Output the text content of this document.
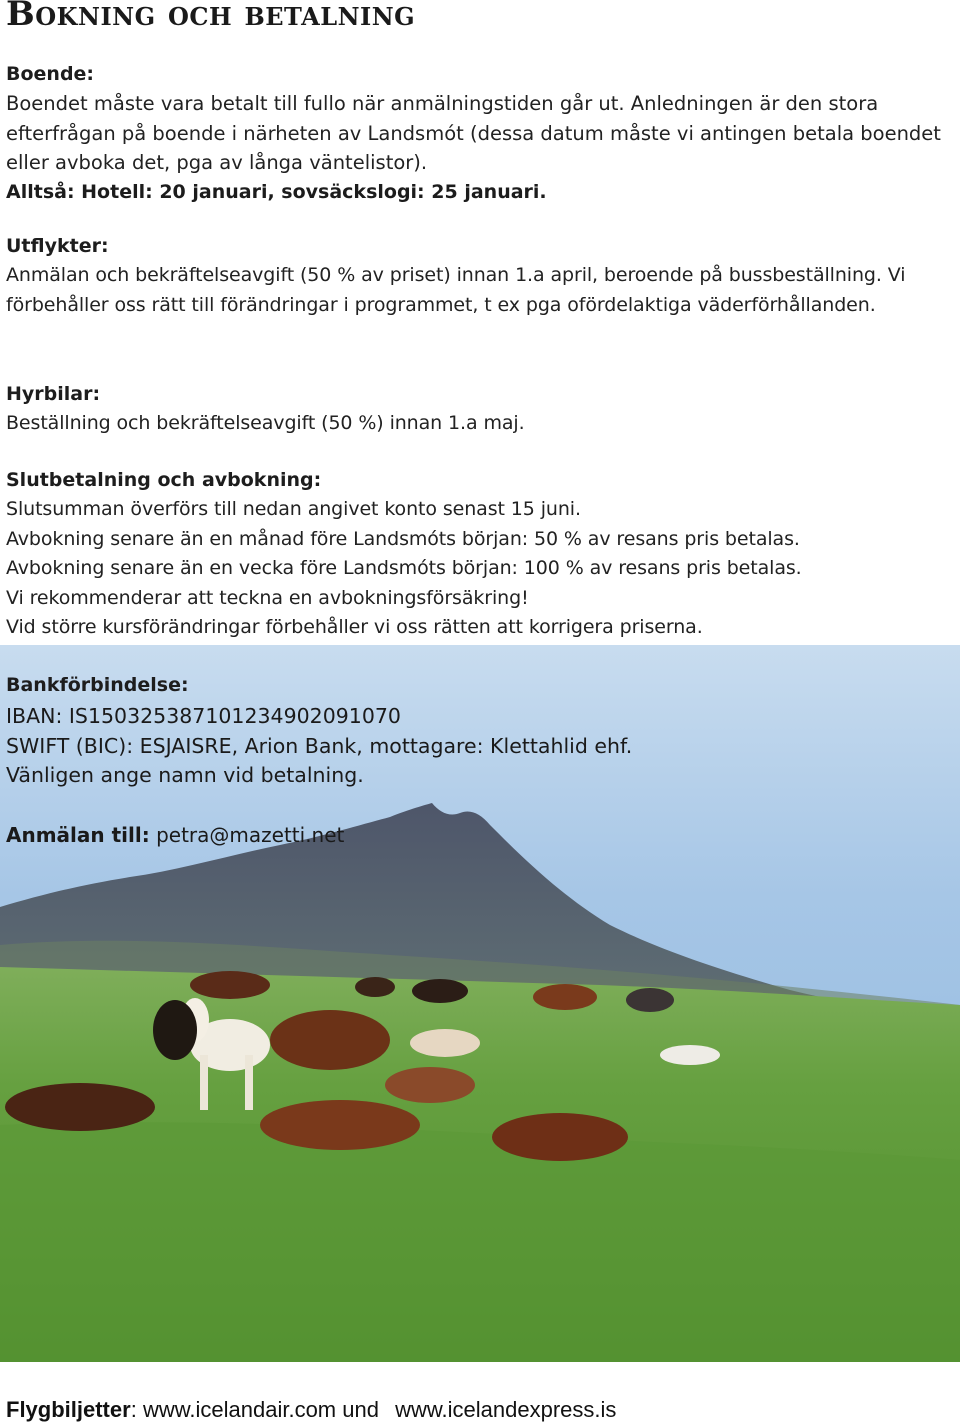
Bokning och betalning

Boende:

Boendet måste vara betalt till fullo när anmälningstiden går ut. Anledningen är den stora efterfrågan på boende i närheten av Landsmót (dessa datum måste vi antingen betala boendet eller avboka det, pga av långa väntelistor).

Alltså: Hotell: 20 januari, sovsäckslogi: 25 januari.

Utflykter:

Anmälan och bekräftelseavgift (50 % av priset) innan 1.a april, beroende på bussbeställning. Vi förbehåller oss rätt till förändringar i programmet, t ex pga ofördelaktiga väderförhållanden.

Hyrbilar:

Beställning och bekräftelseavgift (50 %) innan 1.a maj.

Slutbetalning och avbokning:

Slutsumman överförs till nedan angivet konto senast 15 juni.

Avbokning senare än en månad före Landsmóts början: 50 % av resans pris betalas.

Avbokning senare än en vecka före Landsmóts början: 100 % av resans pris betalas.

Vi rekommenderar att teckna en avbokningsförsäkring!

Vid större kursförändringar förbehåller vi oss rätten att korrigera priserna.

Bankförbindelse:

IBAN: IS150325387101234902091070

SWIFT (BIC): ESJAISRE, Arion Bank, mottagare: Klettahlid ehf.

Vänligen ange namn vid betalning.

Anmälan till: petra@mazetti.net
Flygbiljetter: www.icelandair.com und www.icelandexpress.is
